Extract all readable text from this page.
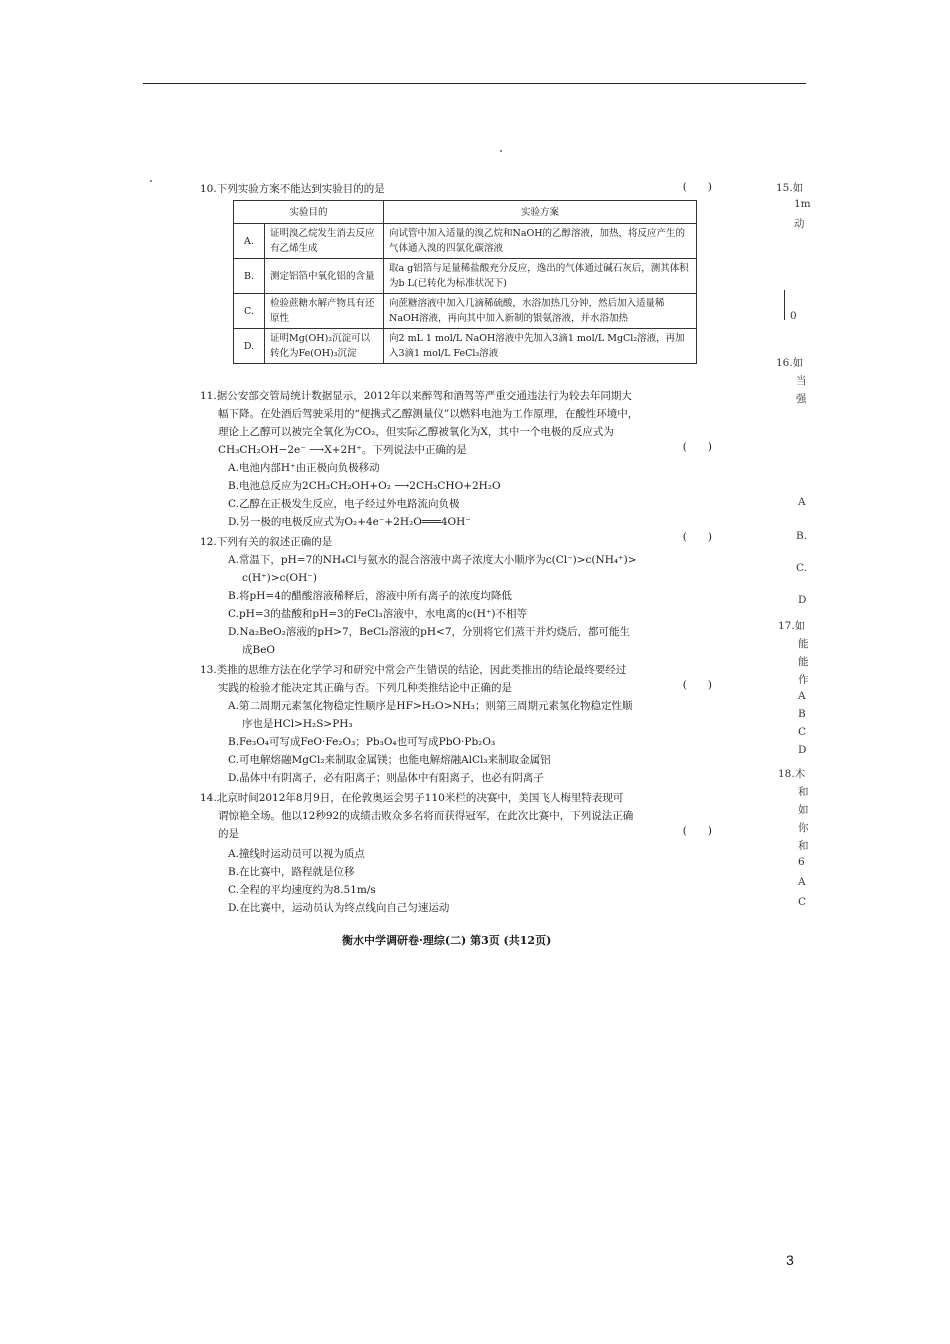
10.下列实验方案不能达到实验目的的是	(　　)
实验目的		实验方案
A.	证明溴乙烷发生消去反应有乙烯生成	向试管中加入适量的溴乙烷和NaOH的乙醇溶液，加热，将反应产生的气体通入溴的四氯化碳溶液
B.	测定铝箔中氧化铝的含量	取a g铝箔与足量稀盐酸充分反应，逸出的气体通过碱石灰后，测其体积为b L(已转化为标准状况下)
C.	检验蔗糖水解产物具有还原性	向蔗糖溶液中加入几滴稀硫酸，水浴加热几分钟，然后加入适量稀NaOH溶液，再向其中加入新制的银氨溶液，并水浴加热
D.	证明Mg(OH)₂沉淀可以转化为Fe(OH)₃沉淀	向2 mL 1 mol/L NaOH溶液中先加入3滴1 mol/L MgCl₂溶液，再加入3滴1 mol/L FeCl₃溶液
11.据公安部交管局统计数据显示，2012年以来醉驾和酒驾等严重交通违法行为较去年同期大
幅下降。在处酒后驾驶采用的“便携式乙醇测量仪”以燃料电池为工作原理，在酸性环境中，
理论上乙醇可以被完全氧化为CO₂，但实际乙醇被氧化为X，其中一个电极的反应式为
CH₃CH₂OH−2e⁻ ⟶X+2H⁺。下列说法中正确的是	(　　)
A.电池内部H⁺由正极向负极移动
B.电池总反应为2CH₃CH₂OH+O₂ ⟶2CH₃CHO+2H₂O
C.乙醇在正极发生反应，电子经过外电路流向负极
D.另一极的电极反应式为O₂+4e⁻+2H₂O═══4OH⁻
12.下列有关的叙述正确的是	(　　)
A.常温下，pH=7的NH₄Cl与氨水的混合溶液中离子浓度大小顺序为c(Cl⁻)>c(NH₄⁺)>
c(H⁺)>c(OH⁻)
B.将pH=4的醋酸溶液稀释后，溶液中所有离子的浓度均降低
C.pH=3的盐酸和pH=3的FeCl₃溶液中，水电离的c(H⁺)不相等
D.Na₂BeO₂溶液的pH>7，BeCl₂溶液的pH<7，分别将它们蒸干并灼烧后，都可能生
成BeO
13.类推的思维方法在化学学习和研究中常会产生错误的结论，因此类推出的结论最终要经过
实践的检验才能决定其正确与否。下列几种类推结论中正确的是	(　　)
A.第二周期元素氢化物稳定性顺序是HF>H₂O>NH₃；则第三周期元素氢化物稳定性顺
序也是HCl>H₂S>PH₃
B.Fe₃O₄可写成FeO·Fe₂O₃；Pb₃O₄也可写成PbO·Pb₂O₃
C.可电解熔融MgCl₂来制取金属镁；也能电解熔融AlCl₃来制取金属铝
D.晶体中有阴离子，必有阳离子；则晶体中有阳离子，也必有阴离子
14.北京时间2012年8月9日，在伦敦奥运会男子110米栏的决赛中，美国飞人梅里特表现可
谓惊艳全场。他以12秒92的成绩击败众多名将而获得冠军，在此次比赛中，下列说法正确
的是	(　　)
A.撞线时运动员可以视为质点
B.在比赛中，路程就是位移
C.全程的平均速度约为8.51m/s
D.在比赛中，运动员认为终点线向自己匀速运动
衡水中学调研卷·理综(二) 第3页 (共12页)
15.如
1m
动
0
16.如
当
强
A
B.
C.
D
17.如
能
能
作
A
B
C
D
18.木
和
如
你
和
6
A
C
3
